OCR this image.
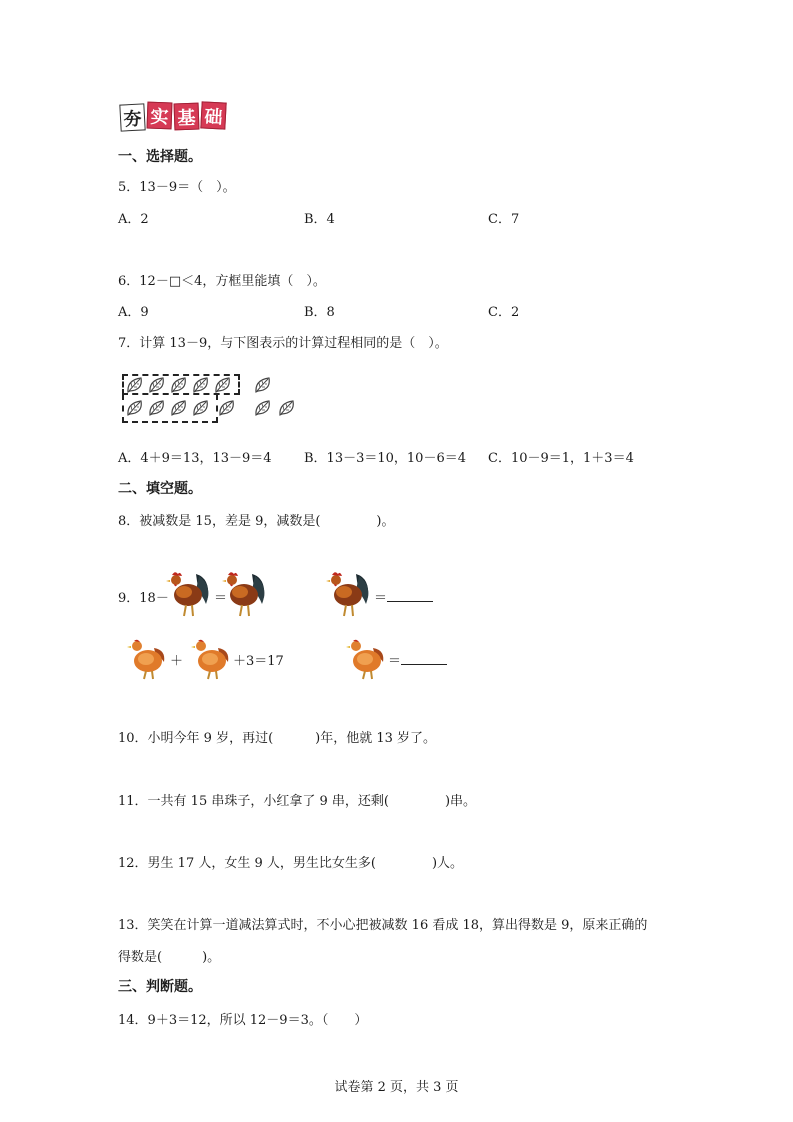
夯 实 基 础
一、选择题。
5．13－9＝（　）。
A．2	B．4	C．7
6．12－□＜4，方框里能填（　）。
A．9	B．8	C．2
7．计算 13－9，与下图表示的计算过程相同的是（　）。
A．4＋9＝13，13－9＝4 B．13－3＝10，10－6＝4 C．10－9＝1，1＋3＝4
二、填空题。
8．被减数是 15，差是 9，减数是(	)。
9．18－	＝	＝
＋	＋3＝17	＝
10．小明今年 9 岁，再过(	)年，他就 13 岁了。
11．一共有 15 串珠子，小红拿了 9 串，还剩(	)串。
12．男生 17 人，女生 9 人，男生比女生多(	)人。
13．笑笑在计算一道减法算式时，不小心把被减数 16 看成 18，算出得数是 9，原来正确的
得数是(	)。
三、判断题。
14．9＋3＝12，所以 12－9＝3。（　　）
试卷第 2 页，共 3 页
